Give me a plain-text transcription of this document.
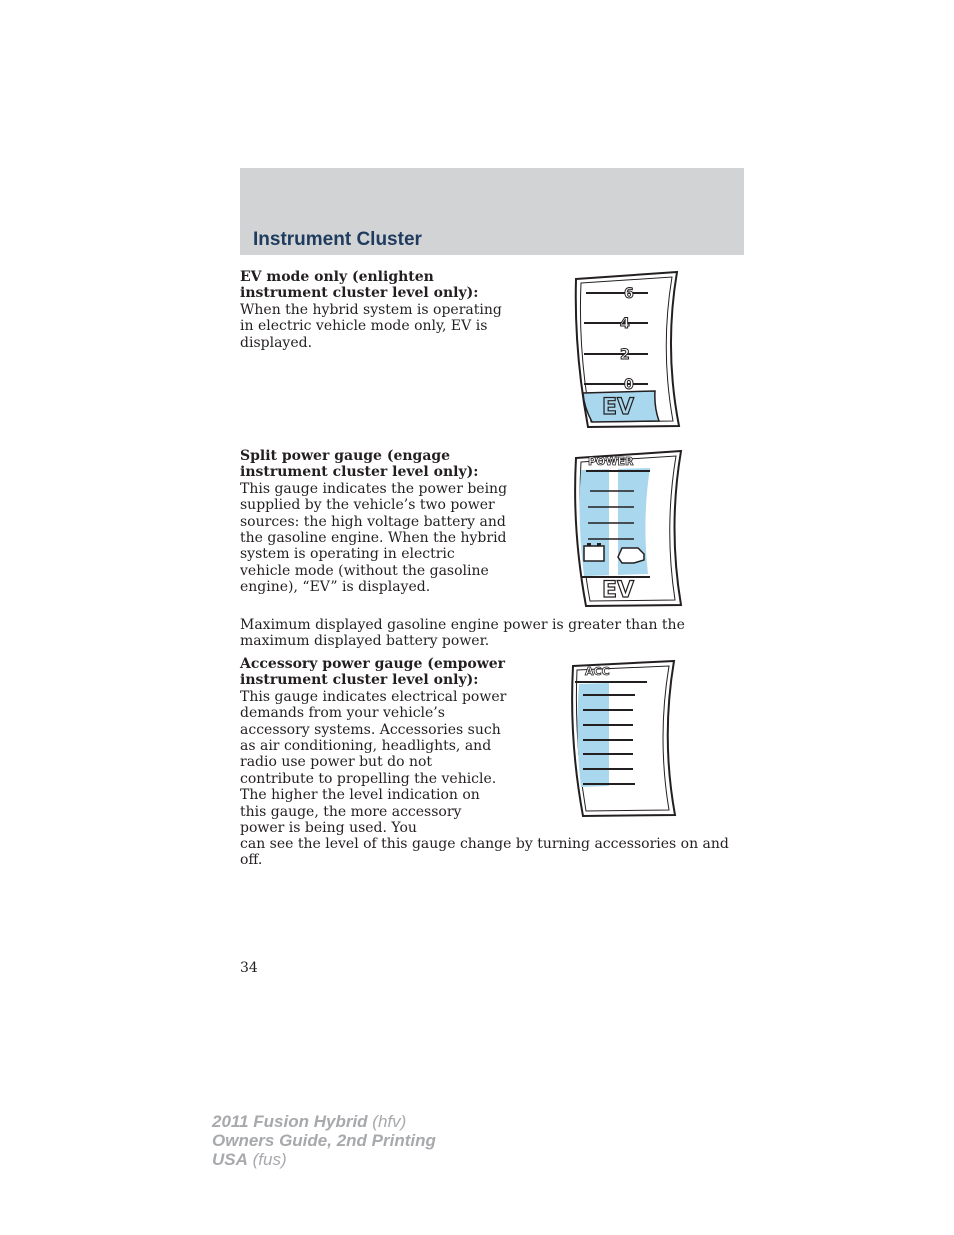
Instrument Cluster
EV mode only (enlighten instrument cluster level only): When the hybrid system is operating in electric vehicle mode only, EV is displayed.
6
4
2
0
EV
Split power gauge (engage instrument cluster level only): This gauge indicates the power being supplied by the vehicle’s two power sources: the high voltage battery and the gasoline engine. When the hybrid system is operating in electric vehicle mode (without the gasoline engine), “EV” is displayed.
POWER
EV
Maximum displayed gasoline engine power is greater than the maximum displayed battery power.
Accessory power gauge (empower instrument cluster level only): This gauge indicates electrical power demands from your vehicle’s accessory systems. Accessories such as air conditioning, headlights, and radio use power but do not contribute to propelling the vehicle. The higher the level indication on this gauge, the more accessory power is being used. You
ACC
can see the level of this gauge change by turning accessories on and off.
34
2011 Fusion Hybrid (hfv)
Owners Guide, 2nd Printing
USA (fus)
